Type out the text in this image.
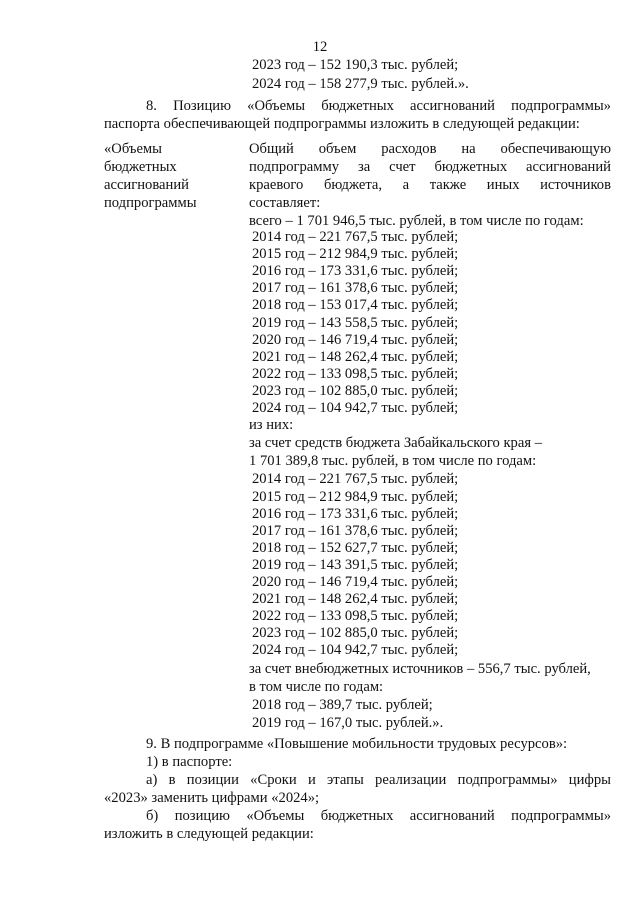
12
2023 год – 152 190,3 тыс. рублей;
2024 год – 158 277,9 тыс. рублей.».
8. Позицию «Объемы бюджетных ассигнований подпрограммы»
паспорта обеспечивающей подпрограммы изложить в следующей редакции:
«Объемы
бюджетных
ассигнований
подпрограммы
Общий объем расходов на обеспечивающую
подпрограмму за счет бюджетных ассигнований
краевого бюджета, а также иных источников
составляет:
всего – 1 701 946,5 тыс. рублей, в том числе по годам:
2014 год – 221 767,5 тыс. рублей;
2015 год – 212 984,9 тыс. рублей;
2016 год – 173 331,6 тыс. рублей;
2017 год – 161 378,6 тыс. рублей;
2018 год – 153 017,4 тыс. рублей;
2019 год – 143 558,5 тыс. рублей;
2020 год – 146 719,4 тыс. рублей;
2021 год – 148 262,4 тыс. рублей;
2022 год – 133 098,5 тыс. рублей;
2023 год – 102 885,0 тыс. рублей;
2024 год – 104 942,7 тыс. рублей;
из них:
за счет средств бюджета Забайкальского края –
1 701 389,8 тыс. рублей, в том числе по годам:
2014 год – 221 767,5 тыс. рублей;
2015 год – 212 984,9 тыс. рублей;
2016 год – 173 331,6 тыс. рублей;
2017 год – 161 378,6 тыс. рублей;
2018 год – 152 627,7 тыс. рублей;
2019 год – 143 391,5 тыс. рублей;
2020 год – 146 719,4 тыс. рублей;
2021 год – 148 262,4 тыс. рублей;
2022 год – 133 098,5 тыс. рублей;
2023 год – 102 885,0 тыс. рублей;
2024 год – 104 942,7 тыс. рублей;
за счет внебюджетных источников – 556,7 тыс. рублей,
в том числе по годам:
2018 год – 389,7 тыс. рублей;
2019 год – 167,0 тыс. рублей.».
9. В подпрограмме «Повышение мобильности трудовых ресурсов»:
1) в паспорте:
а) в позиции «Сроки и этапы реализации подпрограммы» цифры
«2023» заменить цифрами «2024»;
б) позицию «Объемы бюджетных ассигнований подпрограммы»
изложить в следующей редакции:
